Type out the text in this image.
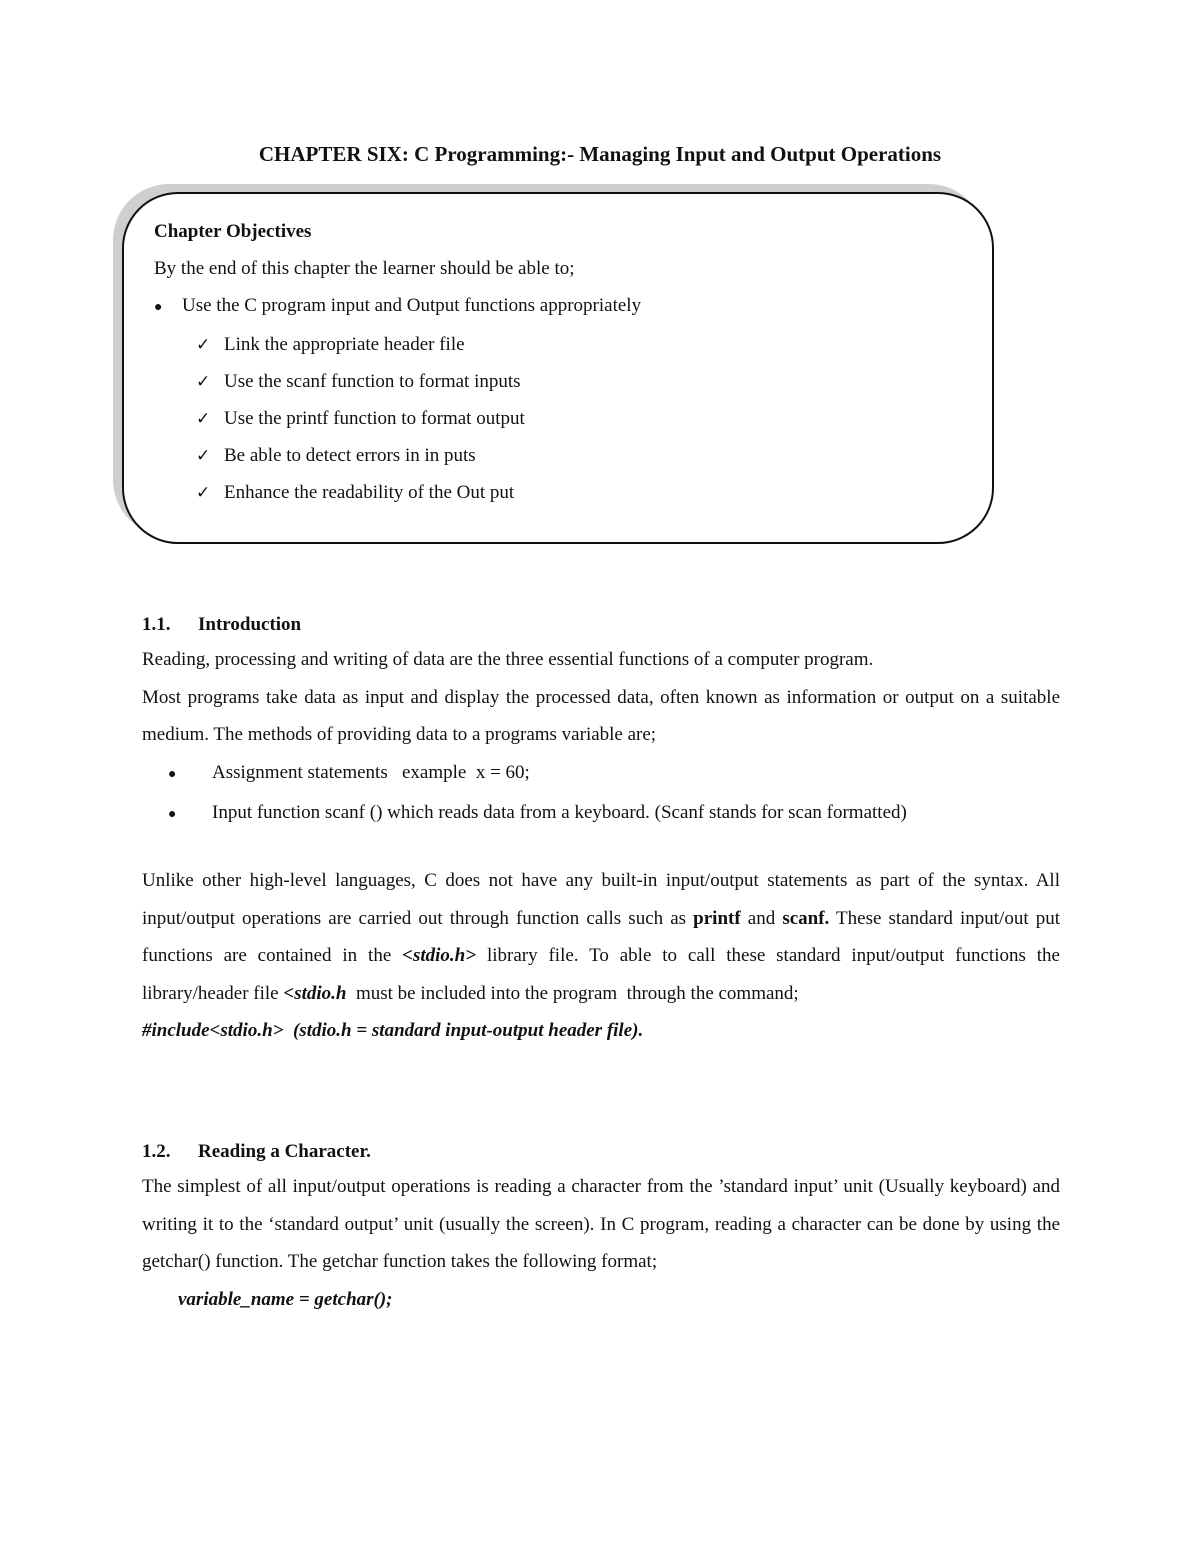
CHAPTER SIX: C Programming:- Managing Input and Output Operations
Chapter Objectives
By the end of this chapter the learner should be able to;
●	Use the C program input and Output functions appropriately
✓ Link the appropriate header file
✓ Use the scanf function to format inputs
✓ Use the printf function to format output
✓ Be able to detect errors in in puts
✓ Enhance the readability of the Out put
1.1.	Introduction

Reading, processing and writing of data are the three essential functions of a computer program.

Most programs take data as input and display the processed data, often known as information or output on a suitable medium. The methods of providing data to a programs variable are;

●	Assignment statements   example  x = 60;
●	Input function scanf () which reads data from a keyboard. (Scanf stands for scan formatted)

Unlike other high-level languages, C does not have any built-in input/output statements as part of the syntax. All input/output operations are carried out through function calls such as printf and scanf. These standard input/out put functions are contained in the <stdio.h> library file. To able to call these standard input/output functions the library/header file <stdio.h  must be included into the program  through the command;

#include<stdio.h>  (stdio.h = standard input-output header file).
1.2.	Reading a Character.

The simplest of all input/output operations is reading a character from the ’standard input’ unit (Usually keyboard) and writing it to the ‘standard output’ unit (usually the screen). In C program, reading a character can be done by using the getchar() function. The getchar function takes the following format;

variable_name = getchar();
